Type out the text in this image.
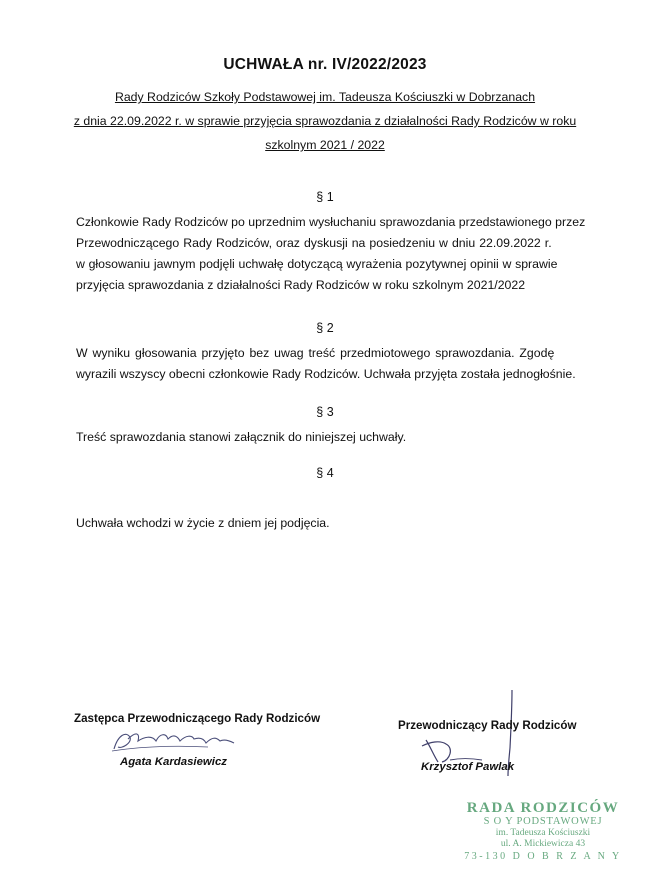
UCHWAŁA nr. IV/2022/2023
Rady Rodziców Szkoły Podstawowej im. Tadeusza Kościuszki w Dobrzanach
z dnia 22.09.2022 r. w sprawie przyjęcia sprawozdania z działalności Rady Rodziców w roku
szkolnym 2021 / 2022
§ 1
Członkowie Rady Rodziców po uprzednim wysłuchaniu sprawozdania przedstawionego przez
Przewodniczącego Rady Rodziców, oraz dyskusji na posiedzeniu w dniu 22.09.2022 r.
w głosowaniu jawnym podjęli uchwałę dotyczącą wyrażenia pozytywnej opinii w sprawie
przyjęcia sprawozdania z działalności Rady Rodziców w roku szkolnym 2021/2022
§ 2
W wyniku głosowania przyjęto bez uwag treść przedmiotowego sprawozdania. Zgodę
wyrazili wszyscy obecni członkowie Rady Rodziców. Uchwała przyjęta została jednogłośnie.
§ 3
Treść sprawozdania stanowi załącznik do niniejszej uchwały.
§ 4
Uchwała wchodzi w życie z dniem jej podjęcia.
Zastępca Przewodniczącego Rady Rodziców
Agata Kardasiewicz
Przewodniczący Rady Rodziców
Krzysztof Pawlak
RADA RODZICÓW
S O Y PODSTAWOWEJ
im. Tadeusza Kościuszki
ul. A. Mickiewicza 43
73-130 D O B R Z A N Y
